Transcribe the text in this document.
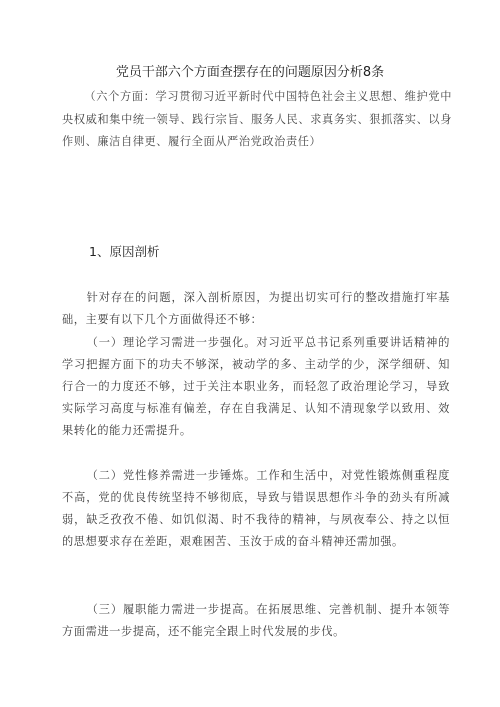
党员干部六个方面查摆存在的问题原因分析8条
（六个方面：学习贯彻习近平新时代中国特色社会主义思想、维护党中央权威和集中统一领导、践行宗旨、服务人民、求真务实、狠抓落实、以身作则、廉洁自律更、履行全面从严治党政治责任）
1、原因剖析

针对存在的问题，深入剖析原因，为提出切实可行的整改措施打牢基础，主要有以下几个方面做得还不够：

（一）理论学习需进一步强化。对习近平总书记系列重要讲话精神的学习把握方面下的功夫不够深，被动学的多、主动学的少，深学细研、知行合一的力度还不够，过于关注本职业务，而轻忽了政治理论学习，导致实际学习高度与标准有偏差，存在自我满足、认知不清现象学以致用、效果转化的能力还需提升。

（二）党性修养需进一步锤炼。工作和生活中，对党性锻炼侧重程度不高，党的优良传统坚持不够彻底，导致与错误思想作斗争的劲头有所减弱，缺乏孜孜不倦、如饥似渴、时不我待的精神，与夙夜奉公、持之以恒的思想要求存在差距，艰难困苦、玉汝于成的奋斗精神还需加强。

（三）履职能力需进一步提高。在拓展思维、完善机制、提升本领等方面需进一步提高，还不能完全跟上时代发展的步伐。
